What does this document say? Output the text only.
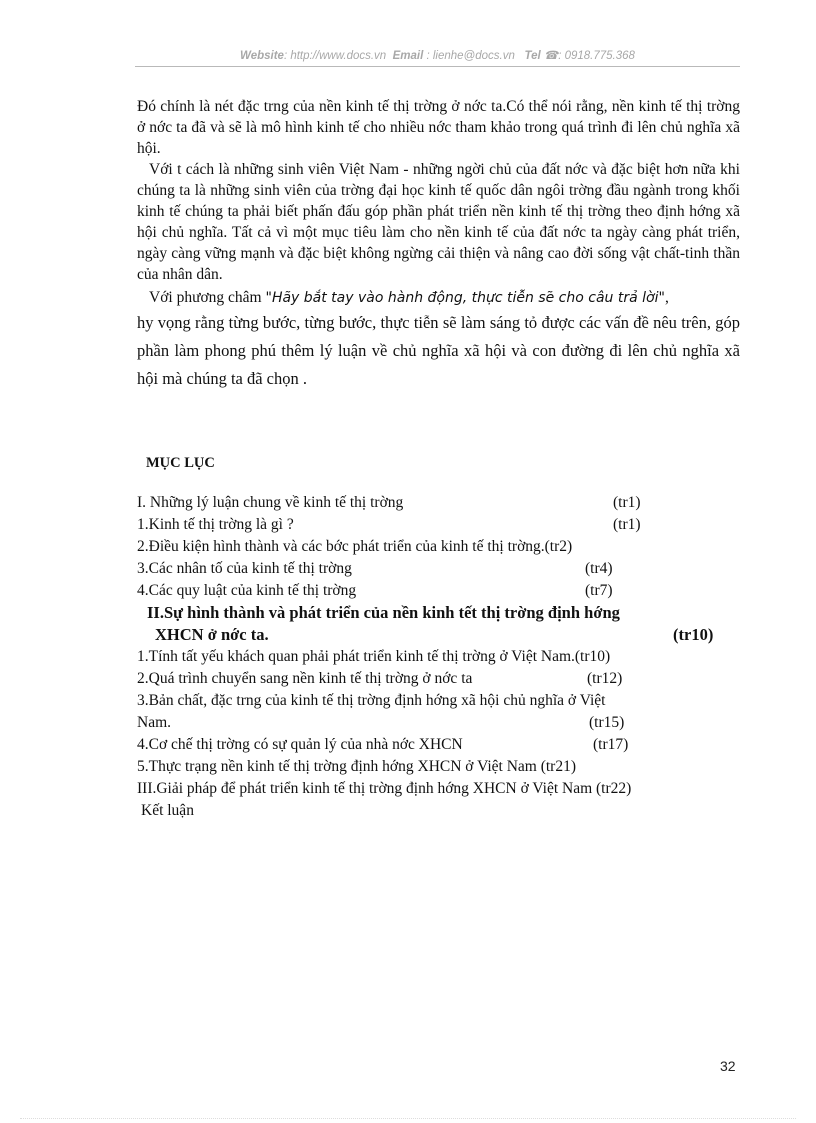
Website: http://www.docs.vn Email : lienhe@docs.vn Tel ☎: 0918.775.368

Đó chính là nét đặc trng của nền kinh tế thị trờng ở nớc ta.Có thể nói rằng, nền kinh tế thị trờng ở nớc ta đã và sẽ là mô hình kinh tế cho nhiều nớc tham khảo trong quá trình đi lên chủ nghĩa xã hội.

Với t cách là những sinh viên Việt Nam - những ngời chủ của đất nớc và đặc biệt hơn nữa khi chúng ta là những sinh viên của trờng đại học kinh tế quốc dân ngôi trờng đầu ngành trong khối kinh tế chúng ta phải biết phấn đấu góp phần phát triển nền kinh tế thị trờng theo định hớng xã hội chủ nghĩa. Tất cả vì một mục tiêu làm cho nền kinh tế của đất nớc ta ngày càng phát triển, ngày càng vững mạnh và đặc biệt không ngừng cải thiện và nâng cao đời sống vật chất-tinh thần của nhân dân.

Với phương châm "Hãy bắt tay vào hành động, thực tiễn sẽ cho câu trả lời",

hy vọng rằng từng bước, từng bước, thực tiễn sẽ làm sáng tỏ được các vấn đề nêu trên, góp phần làm phong phú thêm lý luận về chủ nghĩa xã hội và con đường đi lên chủ nghĩa xã hội mà chúng ta đã chọn .

MỤC LỤC
I. Những lý luận chung về kinh tế thị trờng	(tr1)
1.Kinh tế thị trờng là gì ?	(tr1)
2.Điều kiện hình thành và các bớc phát triển của kinh tế thị trờng.(tr2)
3.Các nhân tố của kinh tế thị trờng	(tr4)
4.Các quy luật của kinh tế thị trờng	(tr7)
II.Sự hình thành và phát triển của nền kinh tết thị trờng định hớng
XHCN ở nớc ta.	(tr10)
1.Tính tất yếu khách quan phải phát triển kinh tế thị trờng ở Việt Nam.(tr10)
2.Quá trình chuyển sang nền kinh tế thị trờng ở nớc ta	(tr12)
3.Bản chất, đặc trng của kinh tế thị trờng định hớng xã hội chủ nghĩa ở Việt
Nam.	(tr15)
4.Cơ chế thị trờng có sự quản lý của nhà nớc XHCN	(tr17)
5.Thực trạng nền kinh tế thị trờng định hớng XHCN ở Việt Nam (tr21)
III.Giải pháp để phát triển kinh tế thị trờng định hớng XHCN ở Việt Nam (tr22)
Kết luận
32
